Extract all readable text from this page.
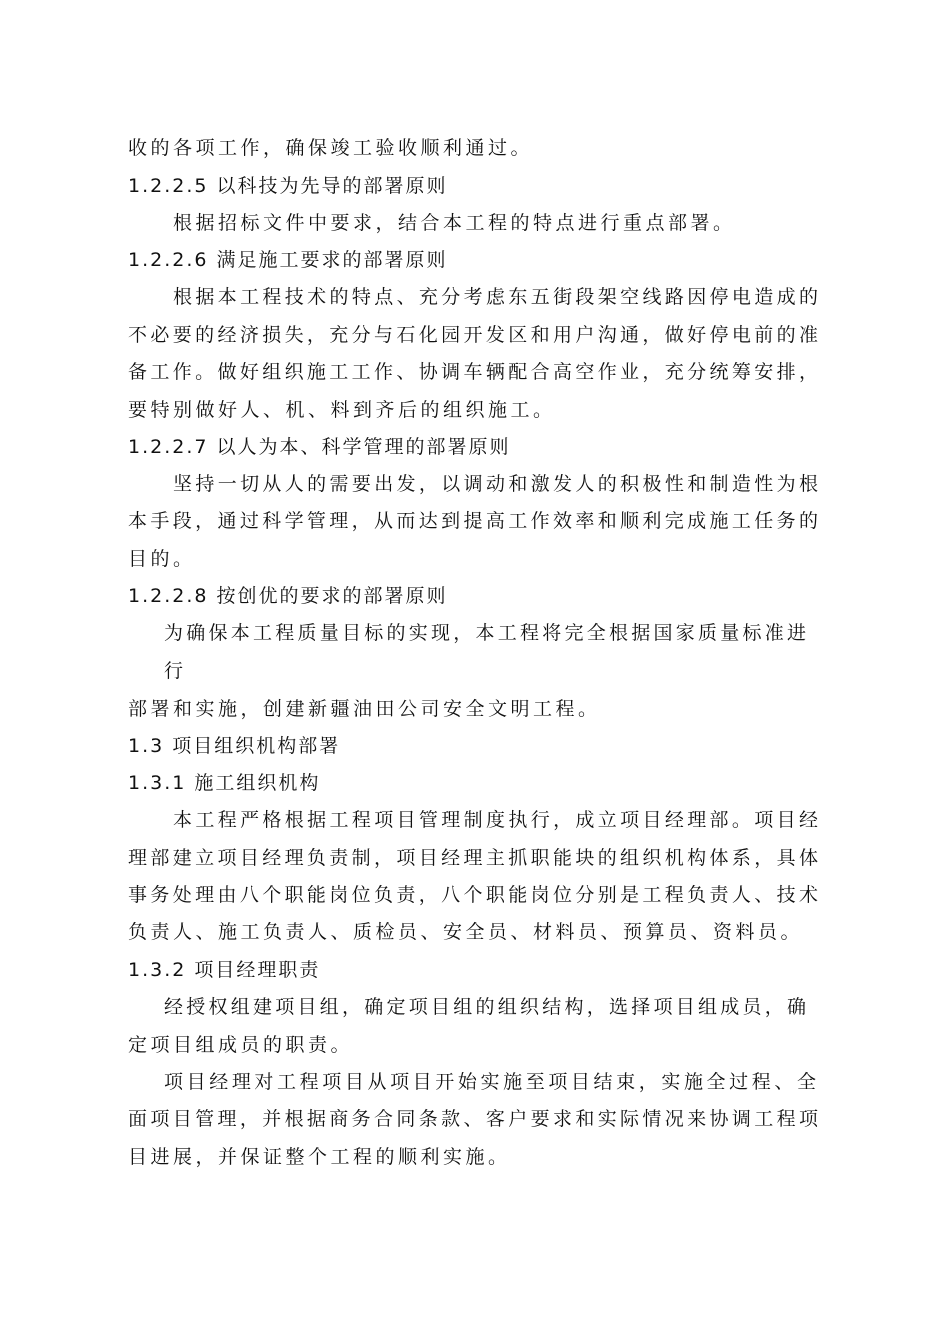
收的各项工作，确保竣工验收顺利通过。
1.2.2.5 以科技为先导的部署原则
根据招标文件中要求，结合本工程的特点进行重点部署。
1.2.2.6 满足施工要求的部署原则
根据本工程技术的特点、充分考虑东五街段架空线路因停电造成的
不必要的经济损失，充分与石化园开发区和用户沟通，做好停电前的准
备工作。做好组织施工工作、协调车辆配合高空作业，充分统筹安排，
要特别做好人、机、料到齐后的组织施工。
1.2.2.7 以人为本、科学管理的部署原则
坚持一切从人的需要出发，以调动和激发人的积极性和制造性为根
本手段，通过科学管理，从而达到提高工作效率和顺利完成施工任务的
目的。
1.2.2.8 按创优的要求的部署原则
为确保本工程质量目标的实现，本工程将完全根据国家质量标准进
行
部署和实施，创建新疆油田公司安全文明工程。
1.3 项目组织机构部署
1.3.1 施工组织机构
本工程严格根据工程项目管理制度执行，成立项目经理部。项目经
理部建立项目经理负责制，项目经理主抓职能块的组织机构体系，具体
事务处理由八个职能岗位负责，八个职能岗位分别是工程负责人、技术
负责人、施工负责人、质检员、安全员、材料员、预算员、资料员。
1.3.2 项目经理职责
经授权组建项目组，确定项目组的组织结构，选择项目组成员，确
定项目组成员的职责。
项目经理对工程项目从项目开始实施至项目结束，实施全过程、全
面项目管理，并根据商务合同条款、客户要求和实际情况来协调工程项
目进展，并保证整个工程的顺利实施。
